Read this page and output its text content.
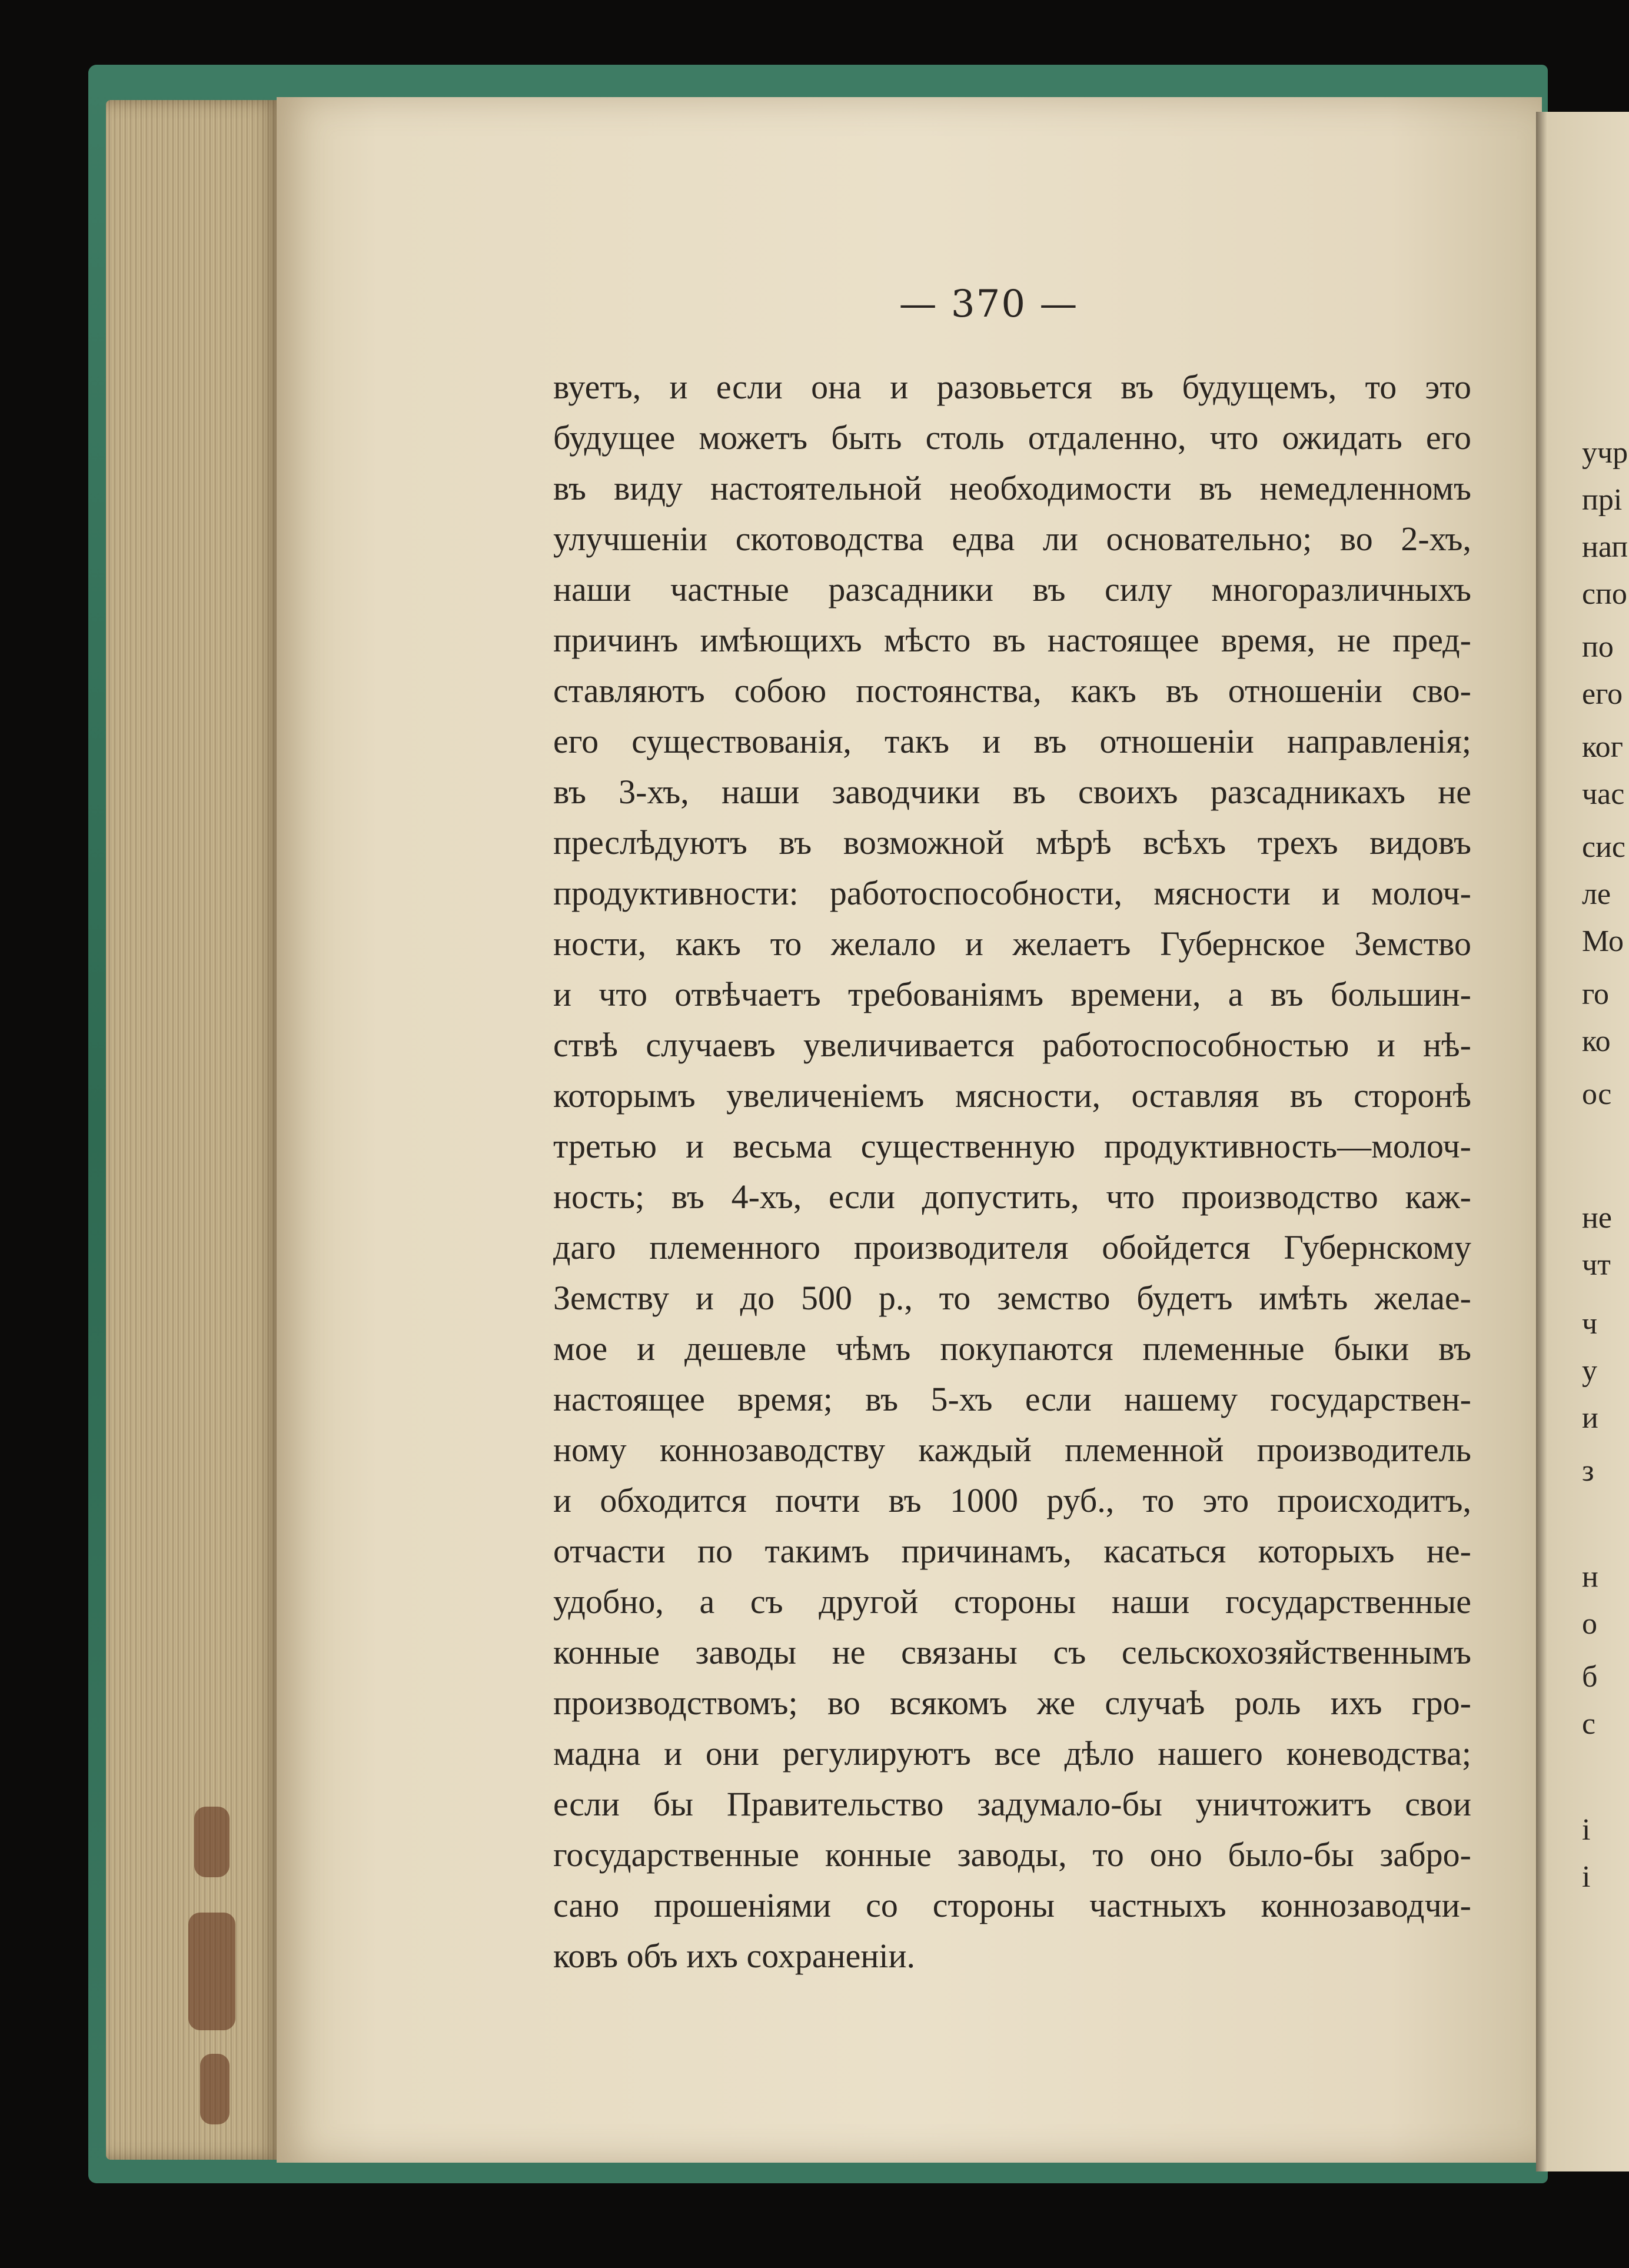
— 370 —
вуетъ, и если она и разовьется въ будущемъ, то это
будущее можетъ быть столь отдаленно, что ожидать его
въ виду настоятельной необходимости въ немедленномъ
улучшеніи скотоводства едва ли основательно; во 2-хъ,
наши частные разсадники въ силу многоразличныхъ
причинъ имѣющихъ мѣсто въ настоящее время, не пред-
ставляютъ собою постоянства, какъ въ отношеніи сво-
его существованія, такъ и въ отношеніи направленія;
въ 3-хъ, наши заводчики въ своихъ разсадникахъ не
преслѣдуютъ въ возможной мѣрѣ всѣхъ трехъ видовъ
продуктивности: работоспособности, мясности и молоч-
ности, какъ то желало и желаетъ Губернское Земство
и что отвѣчаетъ требованіямъ времени, а въ большин-
ствѣ случаевъ увеличивается работоспособностью и нѣ-
которымъ увеличеніемъ мясности, оставляя въ сторонѣ
третью и весьма существенную продуктивность—молоч-
ность; въ 4-хъ, если допустить, что производство каж-
даго племенного производителя обойдется Губернскому
Земству и до 500 р., то земство будетъ имѣть желае-
мое и дешевле чѣмъ покупаются племенные быки въ
настоящее время; въ 5-хъ если нашему государствен-
ному коннозаводству каждый племенной производитель
и обходится почти въ 1000 руб., то это происходитъ,
отчасти по такимъ причинамъ, касаться которыхъ не-
удобно, а съ другой стороны наши государственные
конные заводы не связаны съ сельскохозяйственнымъ
производствомъ; во всякомъ же случаѣ роль ихъ гро-
мадна и они регулируютъ все дѣло нашего коневодства;
если бы Правительство задумало-бы уничтожитъ свои
государственные конные заводы, то оно было-бы забро-
сано прошеніями со стороны частныхъ коннозаводчи-
ковъ объ ихъ сохраненіи.
учр
прі
нап
спо
по
его
ког
час
сис
ле
Мо
го
ко
ос
не
чт
ч
у
и
з
н
о
б
с
і
і
